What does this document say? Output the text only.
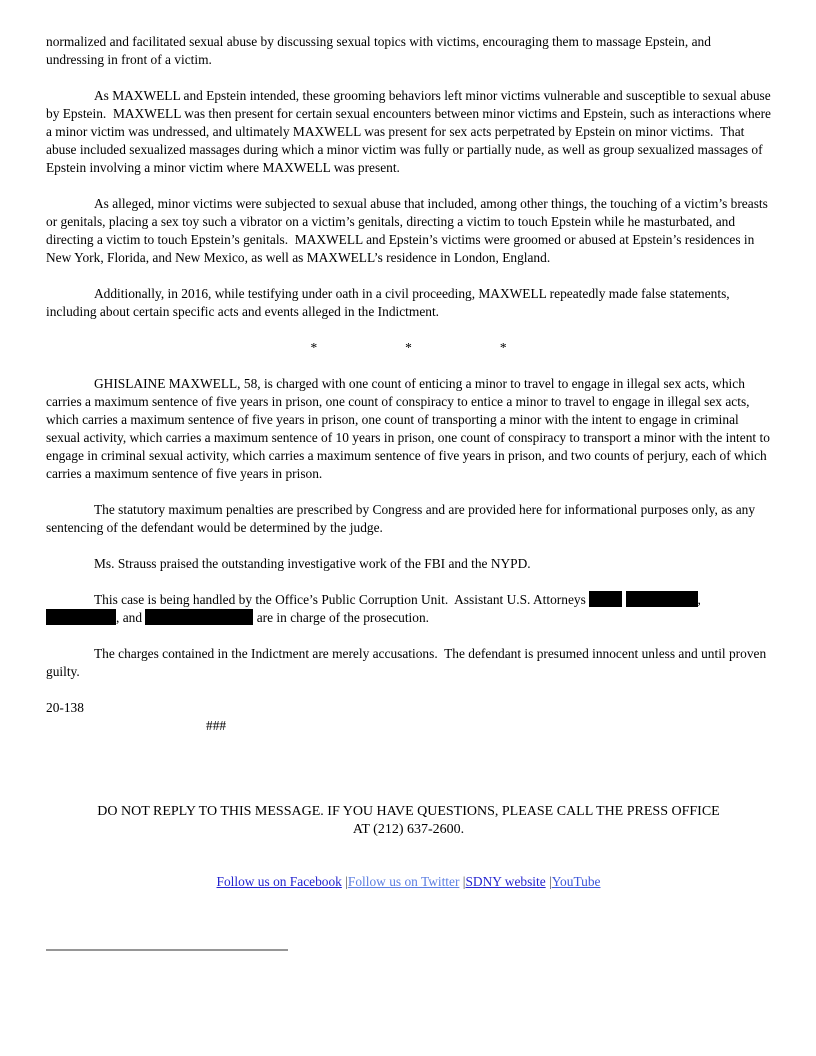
normalized and facilitated sexual abuse by discussing sexual topics with victims, encouraging them to massage Epstein, and undressing in front of a victim.

As MAXWELL and Epstein intended, these grooming behaviors left minor victims vulnerable and susceptible to sexual abuse by Epstein.  MAXWELL was then present for certain sexual encounters between minor victims and Epstein, such as interactions where a minor victim was undressed, and ultimately MAXWELL was present for sex acts perpetrated by Epstein on minor victims.  That abuse included sexualized massages during which a minor victim was fully or partially nude, as well as group sexualized massages of Epstein involving a minor victim where MAXWELL was present.

As alleged, minor victims were subjected to sexual abuse that included, among other things, the touching of a victim’s breasts or genitals, placing a sex toy such a vibrator on a victim’s genitals, directing a victim to touch Epstein while he masturbated, and directing a victim to touch Epstein’s genitals.  MAXWELL and Epstein’s victims were groomed or abused at Epstein’s residences in New York, Florida, and New Mexico, as well as MAXWELL’s residence in London, England.

Additionally, in 2016, while testifying under oath in a civil proceeding, MAXWELL repeatedly made false statements, including about certain specific acts and events alleged in the Indictment.

*	*	*

GHISLAINE MAXWELL, 58, is charged with one count of enticing a minor to travel to engage in illegal sex acts, which carries a maximum sentence of five years in prison, one count of conspiracy to entice a minor to travel to engage in illegal sex acts, which carries a maximum sentence of five years in prison, one count of transporting a minor with the intent to engage in criminal sexual activity, which carries a maximum sentence of 10 years in prison, one count of conspiracy to transport a minor with the intent to engage in criminal sexual activity, which carries a maximum sentence of five years in prison, and two counts of perjury, each of which carries a maximum sentence of five years in prison.

The statutory maximum penalties are prescribed by Congress and are provided here for informational purposes only, as any sentencing of the defendant would be determined by the judge.

Ms. Strauss praised the outstanding investigative work of the FBI and the NYPD.

This case is being handled by the Office’s Public Corruption Unit.  Assistant U.S. Attorneys	, , and	are in charge of the prosecution.

The charges contained in the Indictment are merely accusations.  The defendant is presumed innocent unless and until proven guilty.

20-138
###
DO NOT REPLY TO THIS MESSAGE. IF YOU HAVE QUESTIONS, PLEASE CALL THE PRESS OFFICE
AT (212) 637-2600.
Follow us on Facebook |Follow us on Twitter |SDNY website |YouTube
